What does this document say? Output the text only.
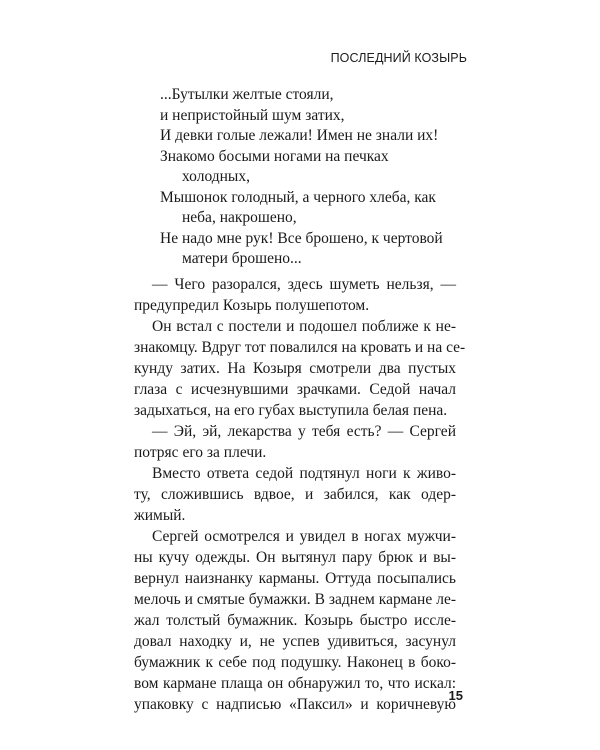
ПОСЛЕДНИЙ КОЗЫРЬ
...Бутылки желтые стояли,
и непристойный шум затих,
И девки голые лежали! Имен не знали их!
Знакомо босыми ногами на печках
холодных,
Мышонок голодный, а черного хлеба, как
неба, накрошено,
Не надо мне рук! Все брошено, к чертовой
матери брошено...
— Чего разорался, здесь шуметь нельзя, —
предупредил Козырь полушепотом.
Он встал с постели и подошел поближе к не-
знакомцу. Вдруг тот повалился на кровать и на се-
кунду затих. На Козыря смотрели два пустых
глаза с исчезнувшими зрачками. Седой начал
задыхаться, на его губах выступила белая пена.
— Эй, эй, лекарства у тебя есть? — Сергей
потряс его за плечи.
Вместо ответа седой подтянул ноги к живо-
ту, сложившись вдвое, и забился, как одер-
жимый.
Сергей осмотрелся и увидел в ногах мужчи-
ны кучу одежды. Он вытянул пару брюк и вы-
вернул наизнанку карманы. Оттуда посыпались
мелочь и смятые бумажки. В заднем кармане ле-
жал толстый бумажник. Козырь быстро иссле-
довал находку и, не успев удивиться, засунул
бумажник к себе под подушку. Наконец в боко-
вом кармане плаща он обнаружил то, что искал:
упаковку с надписью «Паксил» и коричневую
15
